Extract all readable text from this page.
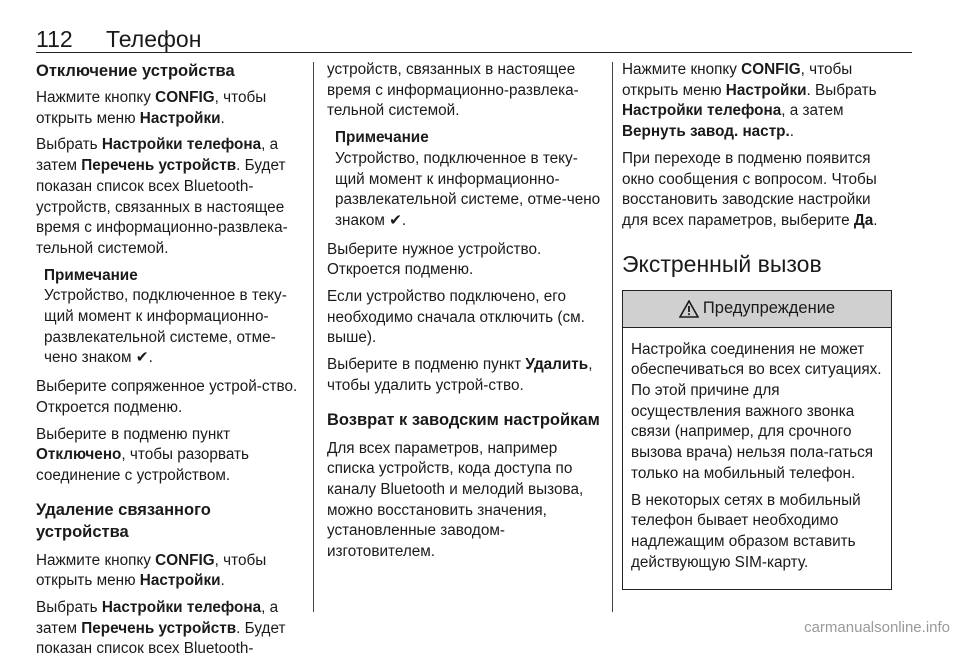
112	Телефон
Отключение устройства

Нажмите кнопку CONFIG, чтобы открыть меню Настройки.

Выбрать Настройки телефона, а затем Перечень устройств. Будет показан список всех Bluetooth-устройств, связанных в настоящее время с информационно-развлека-тельной системой.

Примечание
Устройство, подключенное в теку-щий момент к информационно-развлекательной системе, отме-чено знаком ✔.

Выберите сопряженное устрой-ство. Откроется подменю.

Выберите в подменю пункт Отключено, чтобы разорвать соединение с устройством.

Удаление связанного устройства

Нажмите кнопку CONFIG, чтобы открыть меню Настройки.

Выбрать Настройки телефона, а затем Перечень устройств. Будет показан список всех Bluetooth-

устройств, связанных в настоящее время с информационно-развлека-тельной системой.

Примечание
Устройство, подключенное в теку-щий момент к информационно-развлекательной системе, отме-чено знаком ✔.

Выберите нужное устройство. Откроется подменю.

Если устройство подключено, его необходимо сначала отключить (см. выше).

Выберите в подменю пункт Удалить, чтобы удалить устрой-ство.

Возврат к заводским настройкам

Для всех параметров, например списка устройств, кода доступа по каналу Bluetooth и мелодий вызова, можно восстановить значения, установленные заводом-изготовителем.

Нажмите кнопку CONFIG, чтобы открыть меню Настройки. Выбрать Настройки телефона, а затем Вернуть завод. настр..

При переходе в подменю появится окно сообщения с вопросом. Чтобы восстановить заводские настройки для всех параметров, выберите Да.

Экстренный вызов
Предупреждение

Настройка соединения не может обеспечиваться во всех ситуациях. По этой причине для осуществления важного звонка связи (например, для срочного вызова врача) нельзя пола-гаться только на мобильный телефон.

В некоторых сетях в мобильный телефон бывает необходимо надлежащим образом вставить действующую SIM-карту.

carmanualsonline.info
